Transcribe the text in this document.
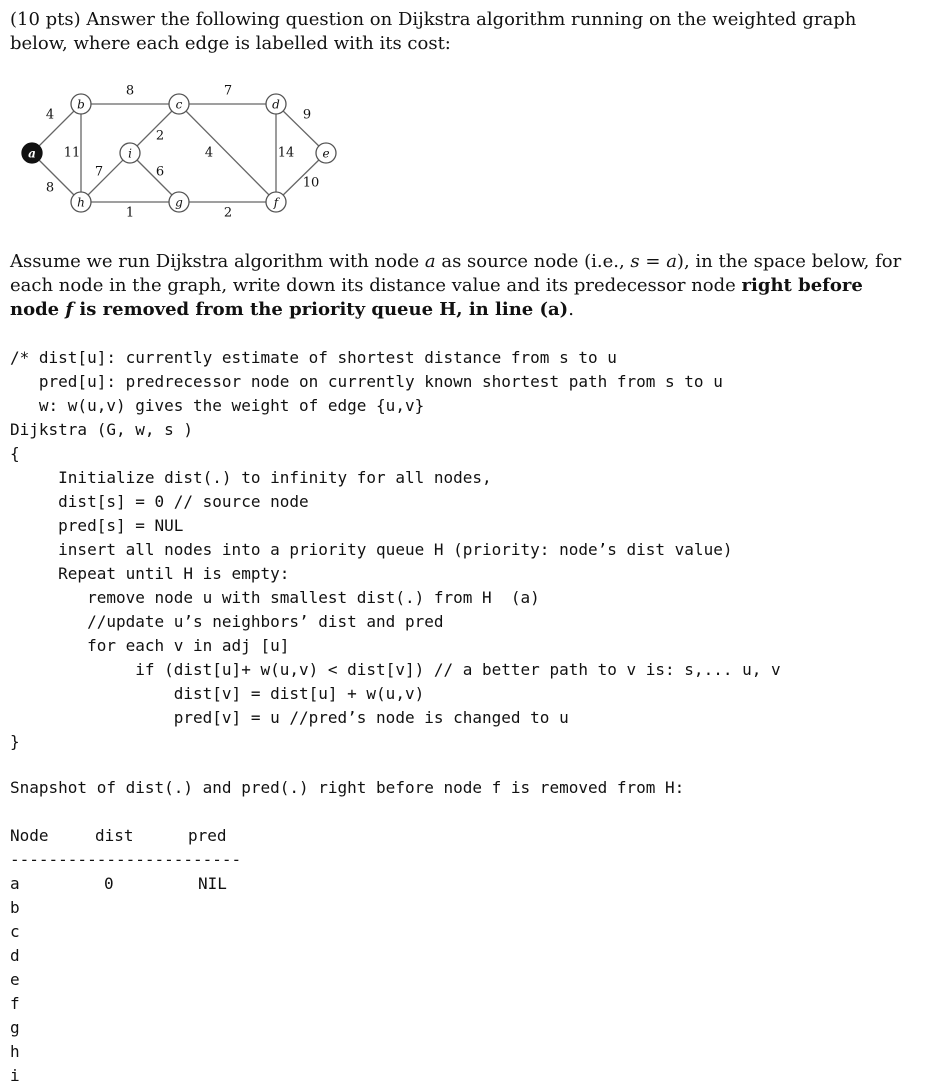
(10 pts) Answer the following question on Dijkstra algorithm running on the weighted graph below, where each edge is labelled with its cost:

4
8
11
8
7
1
2
6
7
4
2
14
9
10
a
b	c	d
e
f
g
h
i

Assume we run Dijkstra algorithm with node a as source node (i.e., s = a), in the space below, for each node in the graph, write down its distance value and its predecessor node right before node f is removed from the priority queue H, in line (a).

/* dist[u]: currently estimate of shortest distance from s to u
pred[u]: predrecessor node on currently known shortest path from s to u
w: w(u,v) gives the weight of edge {u,v}
Dijkstra (G, w, s )
{
Initialize dist(.) to infinity for all nodes,
dist[s] = 0 // source node
pred[s] = NUL
insert all nodes into a priority queue H (priority: node’s dist value)
Repeat until H is empty:
remove node u with smallest dist(.) from H  (a)
//update u’s neighbors’ dist and pred
for each v in adj [u]
if (dist[u]+ w(u,v) < dist[v]) // a better path to v is: s,... u, v
dist[v] = dist[u] + w(u,v)
pred[v] = u //pred’s node is changed to u
}
Snapshot of dist(.) and pred(.) right before node f is removed from H:
Node	dist	pred
------------------------
a	0	NIL
b
c
d
e
f
g
h
i
